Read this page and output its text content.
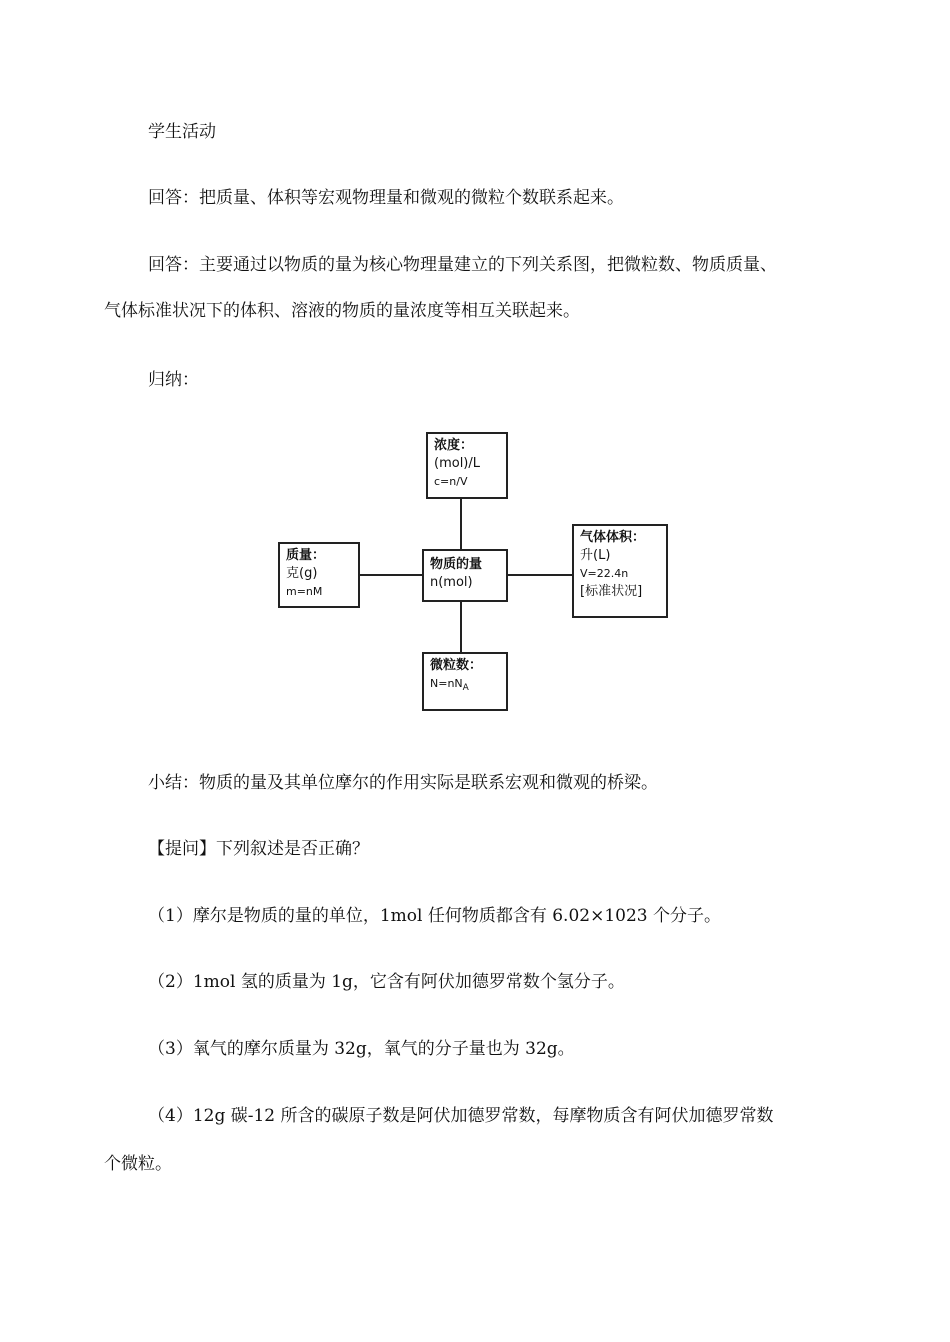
学生活动
回答：把质量、体积等宏观物理量和微观的微粒个数联系起来。
回答：主要通过以物质的量为核心物理量建立的下列关系图，把微粒数、物质质量、
气体标准状况下的体积、溶液的物质的量浓度等相互关联起来。
归纳：
浓度：
(mol)/L
c=n/V
物质的量
n(mol)
质量：
克(g)
m=nM
气体体积：
升(L)
V=22.4n
[标准状况]
微粒数：
$N=nN_A$
小结：物质的量及其单位摩尔的作用实际是联系宏观和微观的桥梁。
【提问】下列叙述是否正确？
（1）摩尔是物质的量的单位，1mol 任何物质都含有 6.02×1023 个分子。
（2）1mol 氢的质量为 1g，它含有阿伏加德罗常数个氢分子。
（3）氧气的摩尔质量为 32g，氧气的分子量也为 32g。
（4）12g 碳-12 所含的碳原子数是阿伏加德罗常数，每摩物质含有阿伏加德罗常数
个微粒。
